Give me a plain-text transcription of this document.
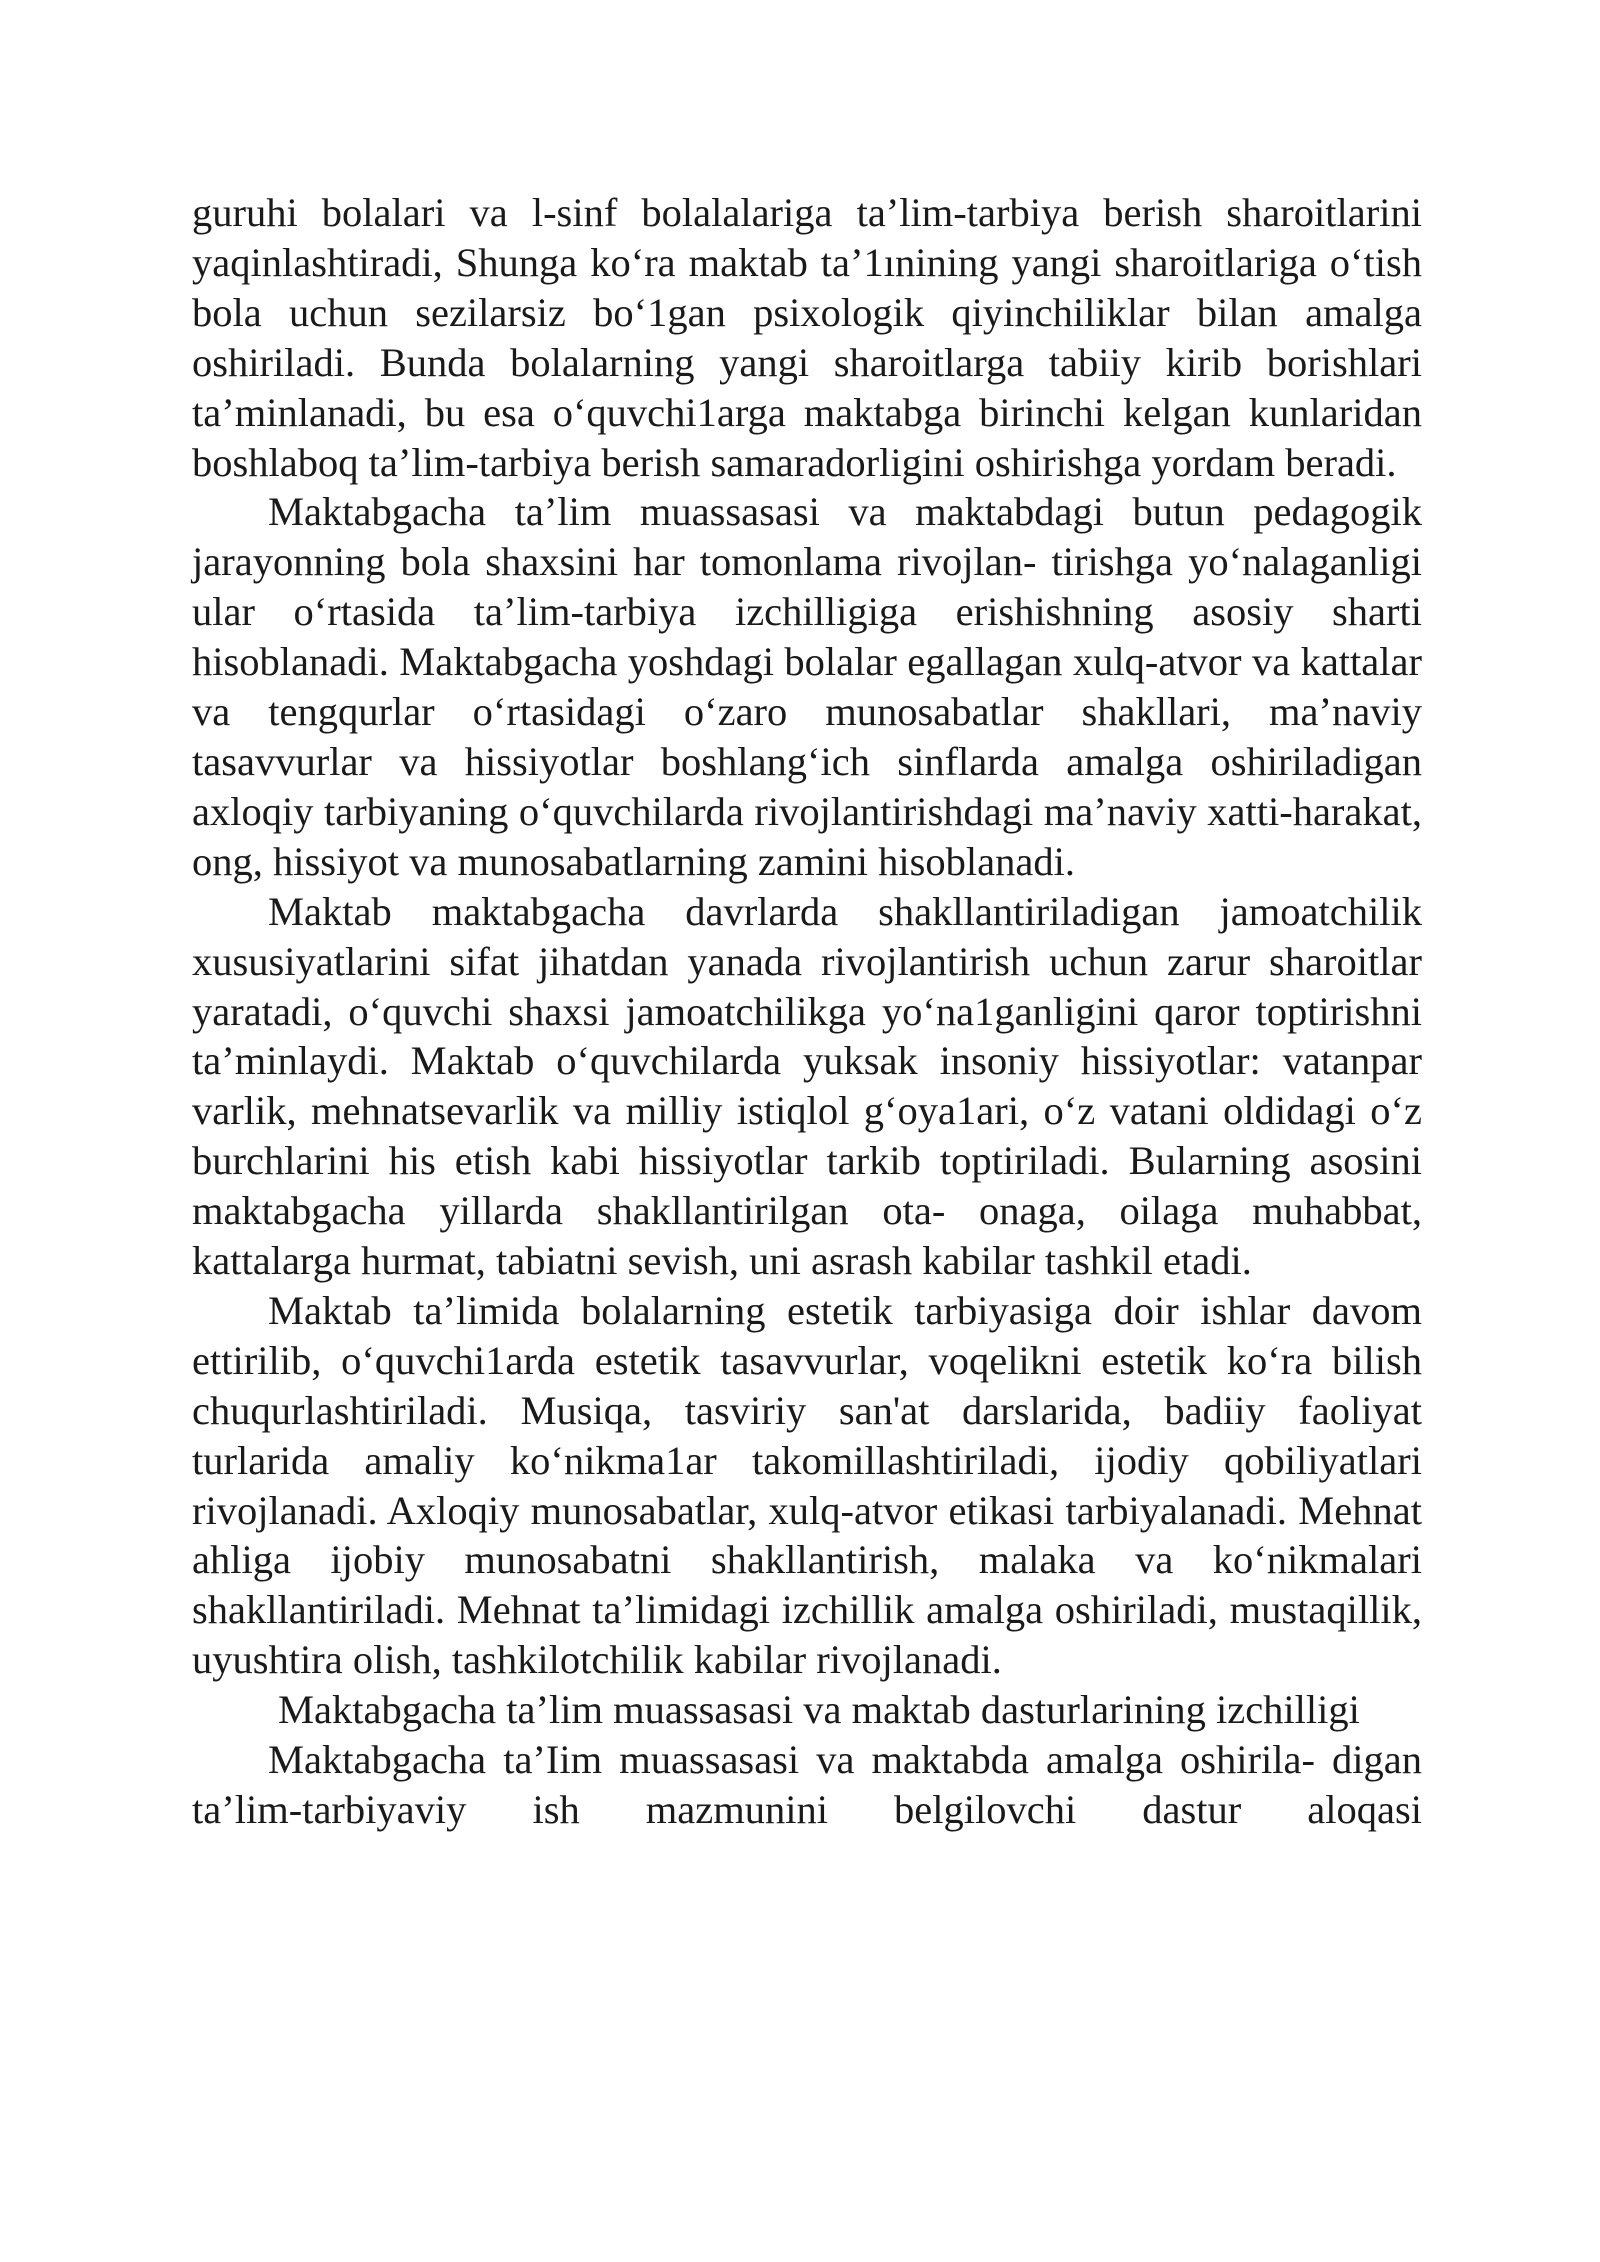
guruhi bolalari va l-sinf bolalalariga ta’lim-tarbiya berish sharoitlarini yaqinlashtiradi, Shunga ko‘ra maktab ta’1ınining yangi sharoitlariga o‘tish bola uchun sezilarsiz bo‘1gan psixologik qiyinchiliklar bilan amalga oshiriladi. Bunda bolalarning yangi sharoitlarga tabiiy kirib borishlari ta’minlanadi, bu esa o‘quvchi1arga maktabga birinchi kelgan kunlaridan boshlaboq ta’lim-tarbiya berish samaradorligini oshirishga yordam beradi.

Maktabgacha ta’lim muassasasi va maktabdagi butun pedagogik jarayonning bola shaxsini har tomonlama rivojlan- tirishga yo‘nalaganligi ular o‘rtasida ta’lim-tarbiya izchilligiga erishishning asosiy sharti hisoblanadi. Maktabgacha yoshdagi bolalar egallagan xulq-atvor va kattalar va tengqurlar o‘rtasidagi o‘zaro munosabatlar shakllari, ma’naviy tasavvurlar va hissiyotlar boshlang‘ich sinflarda amalga oshiriladigan axloqiy tarbiyaning o‘quvchilarda rivojlantirishdagi ma’naviy xatti-harakat, ong, hissiyot va munosabatlarning zamini hisoblanadi.

Maktab maktabgacha davrlarda shakllantiriladigan jamoatchilik xususiyatlarini sifat jihatdan yanada rivojlantirish uchun zarur sharoitlar yaratadi, o‘quvchi shaxsi jamoatchilikga yo‘na1ganligini qaror toptirishni ta’minlaydi. Maktab o‘quvchilarda yuksak insoniy hissiyotlar: vatanpar varlik, mehnatsevarlik va milliy istiqlol g‘oya1ari, o‘z vatani oldidagi o‘z burchlarini his etish kabi hissiyotlar tarkib toptiriladi. Bularning asosini maktabgacha yillarda shakllantirilgan ota- onaga, oilaga muhabbat, kattalarga hurmat, tabiatni sevish, uni asrash kabilar tashkil etadi.

Maktab ta’limida bolalarning estetik tarbiyasiga doir ishlar davom ettirilib, o‘quvchi1arda estetik tasavvurlar, voqelikni estetik ko‘ra bilish chuqurlashtiriladi. Musiqa, tasviriy san'at darslarida, badiiy faoliyat turlarida amaliy ko‘nikma1ar takomillashtiriladi, ijodiy qobiliyatlari rivojlanadi. Axloqiy munosabatlar, xulq-atvor etikasi tarbiyalanadi. Mehnat ahliga ijobiy munosabatni shakllantirish, malaka va ko‘nikmalari shakllantiriladi. Mehnat ta’limidagi izchillik amalga oshiriladi, mustaqillik, uyushtira olish, tashkilotchilik kabilar rivojlanadi.

Maktabgacha ta’lim muassasasi va maktab dasturlarining izchilligi

Maktabgacha ta’Iim muassasasi va maktabda amalga oshirila- digan ta’lim-tarbiyaviy ish mazmunini belgilovchi dastur aloqasi
